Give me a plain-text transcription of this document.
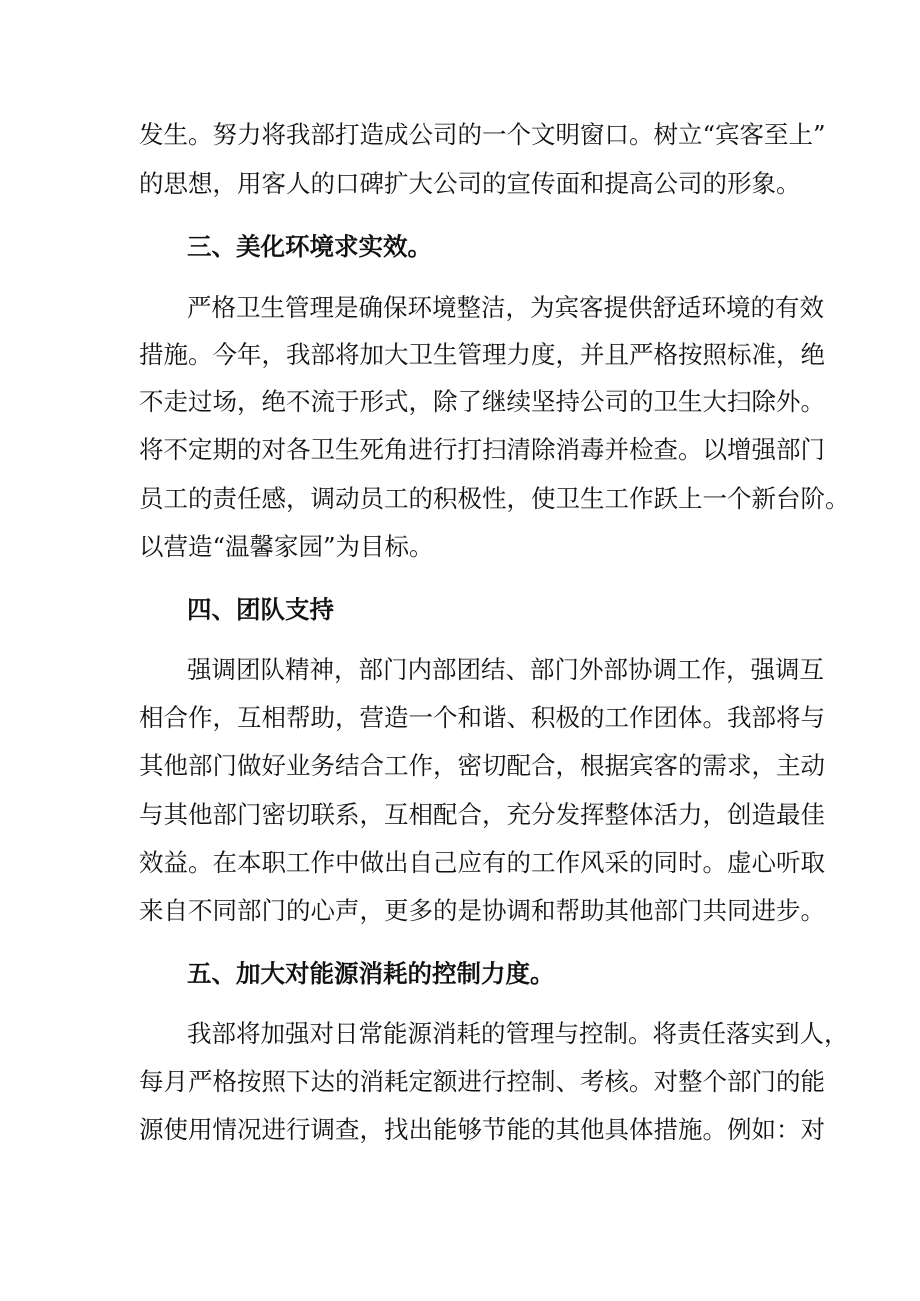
发生。努力将我部打造成公司的一个文明窗口。树立“宾客至上”
的思想，用客人的口碑扩大公司的宣传面和提高公司的形象。
三、美化环境求实效。
严格卫生管理是确保环境整洁，为宾客提供舒适环境的有效
措施。今年，我部将加大卫生管理力度，并且严格按照标准，绝
不走过场，绝不流于形式，除了继续坚持公司的卫生大扫除外。
将不定期的对各卫生死角进行打扫清除消毒并检查。以增强部门
员工的责任感，调动员工的积极性，使卫生工作跃上一个新台阶。
以营造“温馨家园”为目标。
四、团队支持
强调团队精神，部门内部团结、部门外部协调工作，强调互
相合作，互相帮助，营造一个和谐、积极的工作团体。我部将与
其他部门做好业务结合工作，密切配合，根据宾客的需求，主动
与其他部门密切联系，互相配合，充分发挥整体活力，创造最佳
效益。在本职工作中做出自己应有的工作风采的同时。虚心听取
来自不同部门的心声，更多的是协调和帮助其他部门共同进步。
五、加大对能源消耗的控制力度。
我部将加强对日常能源消耗的管理与控制。将责任落实到人，
每月严格按照下达的消耗定额进行控制、考核。对整个部门的能
源使用情况进行调查，找出能够节能的其他具体措施。例如：对
